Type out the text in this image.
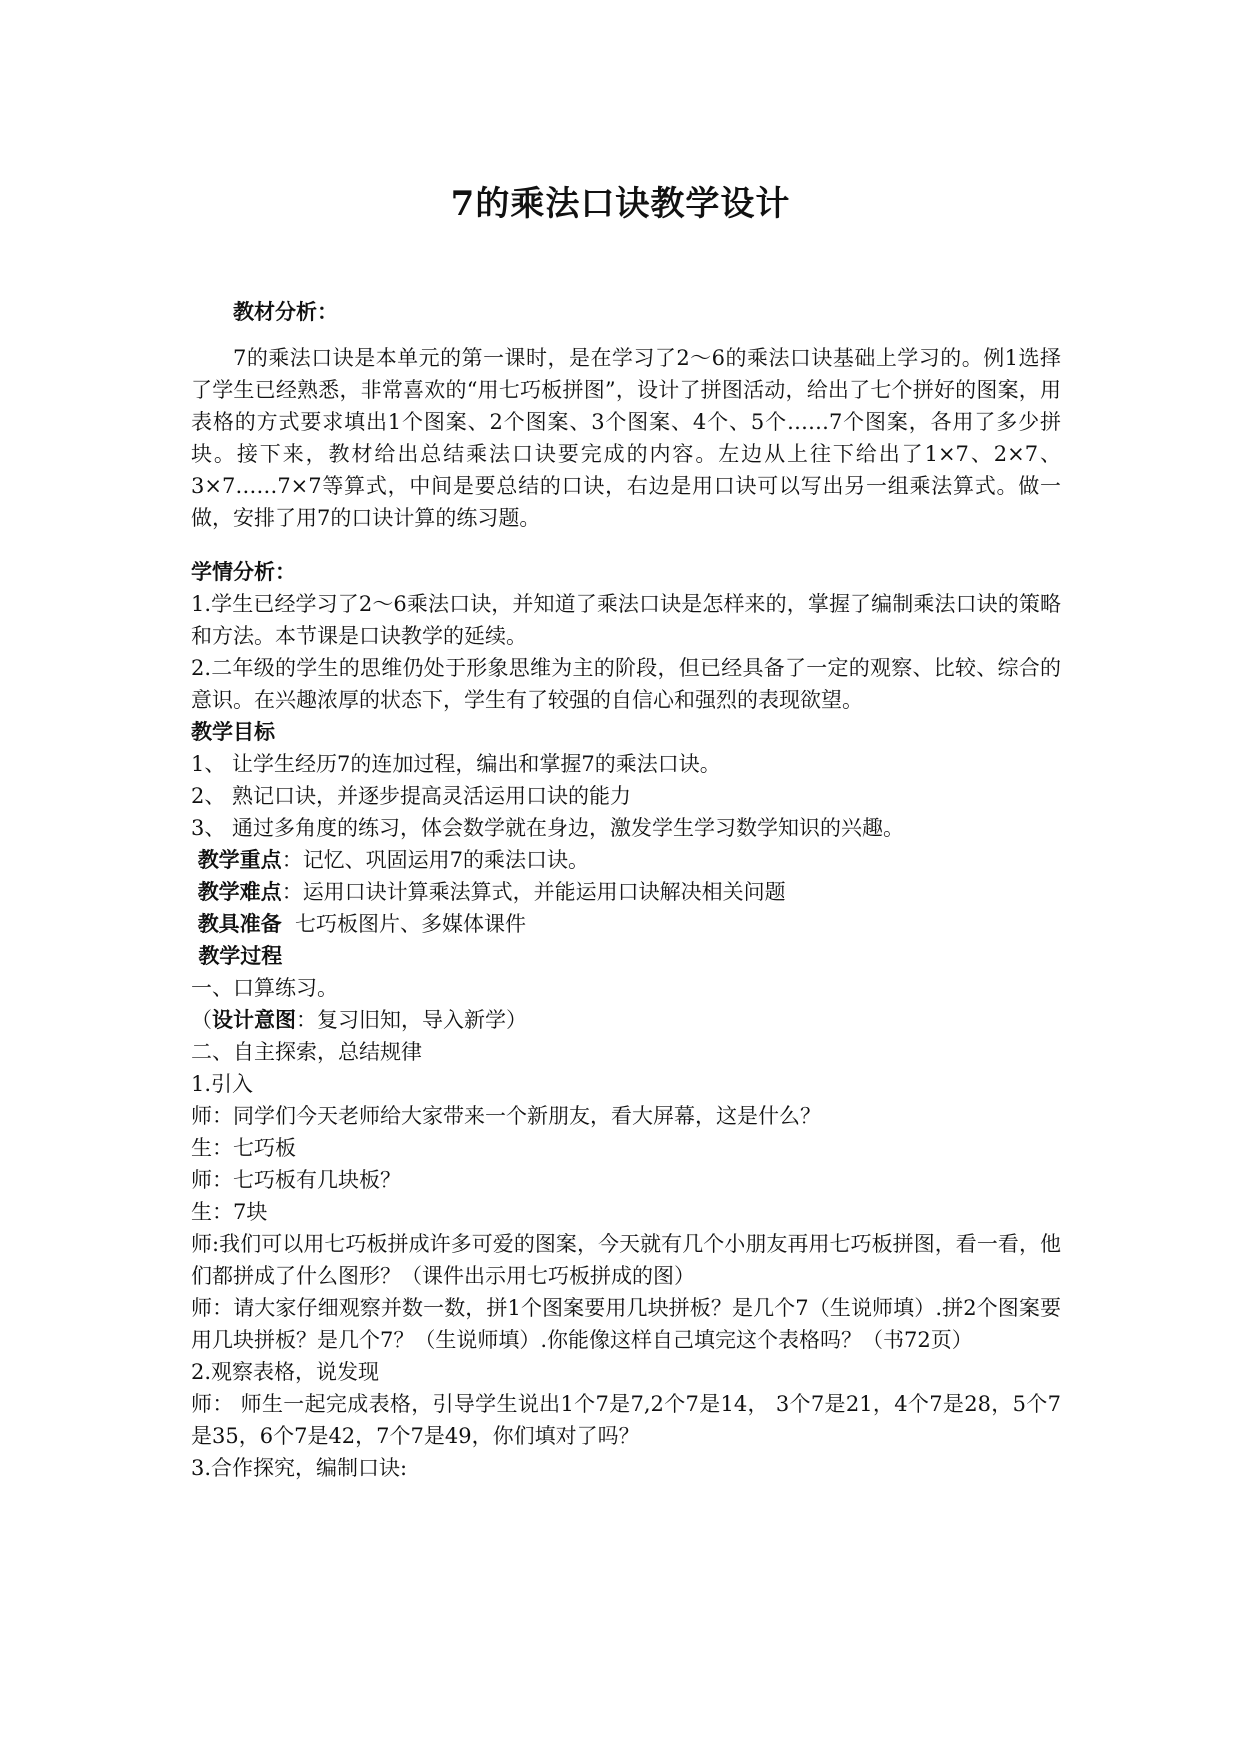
7的乘法口诀教学设计
教材分析：
7的乘法口诀是本单元的第一课时，是在学习了2～6的乘法口诀基础上学习的。例1选择了学生已经熟悉，非常喜欢的“用七巧板拼图”，设计了拼图活动，给出了七个拼好的图案，用表格的方式要求填出1个图案、2个图案、3个图案、4个、5个……7个图案，各用了多少拼块。接下来，教材给出总结乘法口诀要完成的内容。左边从上往下给出了1×7、2×7、3×7……7×7等算式，中间是要总结的口诀，右边是用口诀可以写出另一组乘法算式。做一做，安排了用7的口诀计算的练习题。
学情分析：
1.学生已经学习了2～6乘法口诀，并知道了乘法口诀是怎样来的，掌握了编制乘法口诀的策略和方法。本节课是口诀教学的延续。
2.二年级的学生的思维仍处于形象思维为主的阶段，但已经具备了一定的观察、比较、综合的意识。在兴趣浓厚的状态下，学生有了较强的自信心和强烈的表现欲望。
教学目标
1、 让学生经历7的连加过程，编出和掌握7的乘法口诀。
2、 熟记口诀，并逐步提高灵活运用口诀的能力
3、 通过多角度的练习，体会数学就在身边，激发学生学习数学知识的兴趣。
教学重点：记忆、巩固运用7的乘法口诀。
教学难点：运用口诀计算乘法算式，并能运用口诀解决相关问题
教具准备 七巧板图片、多媒体课件
教学过程
一、口算练习。
（设计意图：复习旧知，导入新学）
二、自主探索，总结规律
1.引入
师：同学们今天老师给大家带来一个新朋友，看大屏幕，这是什么？
生：七巧板
师：七巧板有几块板？
生：7块
师:我们可以用七巧板拼成许多可爱的图案，今天就有几个小朋友再用七巧板拼图，看一看，他们都拼成了什么图形？（课件出示用七巧板拼成的图）
师：请大家仔细观察并数一数，拼1个图案要用几块拼板？是几个7（生说师填）.拼2个图案要用几块拼板？是几个7？（生说师填）.你能像这样自己填完这个表格吗？（书72页）
2.观察表格，说发现
师： 师生一起完成表格，引导学生说出1个7是7,2个7是14， 3个7是21，4个7是28，5个7是35，6个7是42，7个7是49，你们填对了吗？
3.合作探究，编制口诀:
